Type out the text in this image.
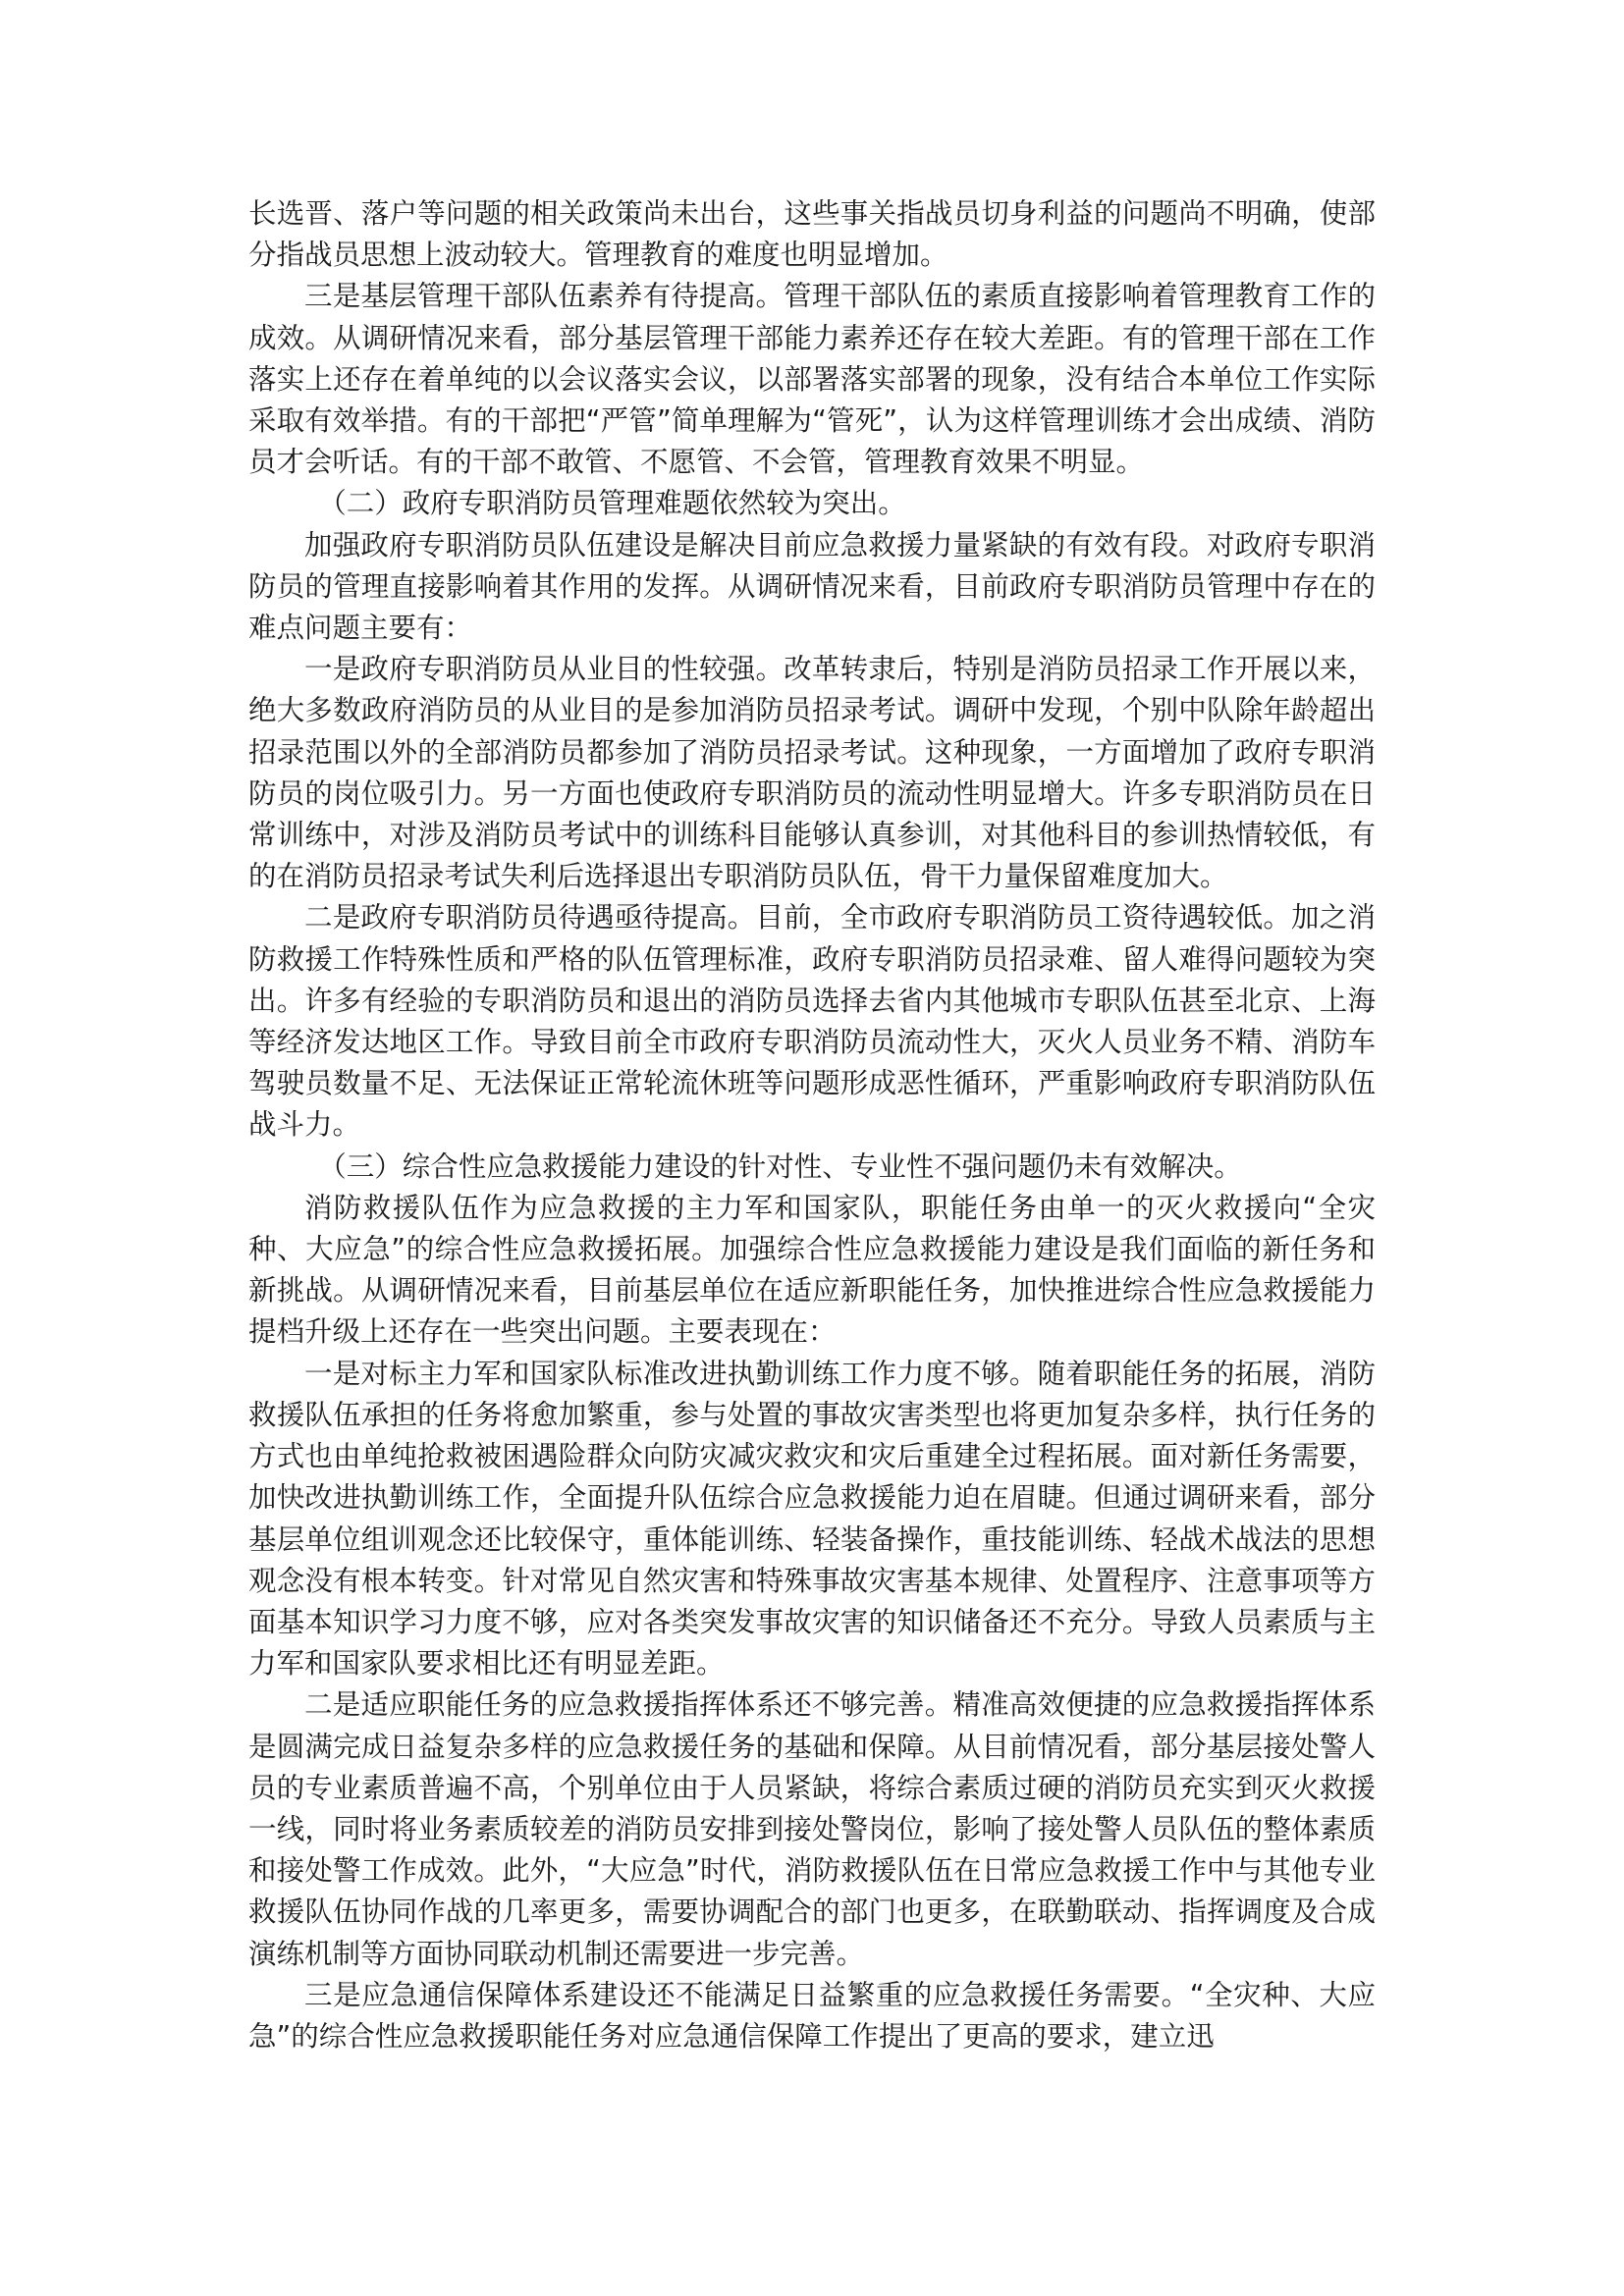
长选晋、落户等问题的相关政策尚未出台，这些事关指战员切身利益的问题尚不明确，使部分指战员思想上波动较大。管理教育的难度也明显增加。

三是基层管理干部队伍素养有待提高。管理干部队伍的素质直接影响着管理教育工作的成效。从调研情况来看，部分基层管理干部能力素养还存在较大差距。有的管理干部在工作落实上还存在着单纯的以会议落实会议，以部署落实部署的现象，没有结合本单位工作实际采取有效举措。有的干部把“严管”简单理解为“管死”，认为这样管理训练才会出成绩、消防员才会听话。有的干部不敢管、不愿管、不会管，管理教育效果不明显。

（二）政府专职消防员管理难题依然较为突出。

加强政府专职消防员队伍建设是解决目前应急救援力量紧缺的有效有段。对政府专职消防员的管理直接影响着其作用的发挥。从调研情况来看，目前政府专职消防员管理中存在的难点问题主要有：

一是政府专职消防员从业目的性较强。改革转隶后，特别是消防员招录工作开展以来，绝大多数政府消防员的从业目的是参加消防员招录考试。调研中发现，个别中队除年龄超出招录范围以外的全部消防员都参加了消防员招录考试。这种现象，一方面增加了政府专职消防员的岗位吸引力。另一方面也使政府专职消防员的流动性明显增大。许多专职消防员在日常训练中，对涉及消防员考试中的训练科目能够认真参训，对其他科目的参训热情较低，有的在消防员招录考试失利后选择退出专职消防员队伍，骨干力量保留难度加大。

二是政府专职消防员待遇亟待提高。目前，全市政府专职消防员工资待遇较低。加之消防救援工作特殊性质和严格的队伍管理标准，政府专职消防员招录难、留人难得问题较为突出。许多有经验的专职消防员和退出的消防员选择去省内其他城市专职队伍甚至北京、上海等经济发达地区工作。导致目前全市政府专职消防员流动性大，灭火人员业务不精、消防车驾驶员数量不足、无法保证正常轮流休班等问题形成恶性循环，严重影响政府专职消防队伍战斗力。

（三）综合性应急救援能力建设的针对性、专业性不强问题仍未有效解决。

消防救援队伍作为应急救援的主力军和国家队，职能任务由单一的灭火救援向“全灾种、大应急”的综合性应急救援拓展。加强综合性应急救援能力建设是我们面临的新任务和新挑战。从调研情况来看，目前基层单位在适应新职能任务，加快推进综合性应急救援能力提档升级上还存在一些突出问题。主要表现在：

一是对标主力军和国家队标准改进执勤训练工作力度不够。随着职能任务的拓展，消防救援队伍承担的任务将愈加繁重，参与处置的事故灾害类型也将更加复杂多样，执行任务的方式也由单纯抢救被困遇险群众向防灾减灾救灾和灾后重建全过程拓展。面对新任务需要，加快改进执勤训练工作，全面提升队伍综合应急救援能力迫在眉睫。但通过调研来看，部分基层单位组训观念还比较保守，重体能训练、轻装备操作，重技能训练、轻战术战法的思想观念没有根本转变。针对常见自然灾害和特殊事故灾害基本规律、处置程序、注意事项等方面基本知识学习力度不够，应对各类突发事故灾害的知识储备还不充分。导致人员素质与主力军和国家队要求相比还有明显差距。

二是适应职能任务的应急救援指挥体系还不够完善。精准高效便捷的应急救援指挥体系是圆满完成日益复杂多样的应急救援任务的基础和保障。从目前情况看，部分基层接处警人员的专业素质普遍不高，个别单位由于人员紧缺，将综合素质过硬的消防员充实到灭火救援一线，同时将业务素质较差的消防员安排到接处警岗位，影响了接处警人员队伍的整体素质和接处警工作成效。此外，“大应急”时代，消防救援队伍在日常应急救援工作中与其他专业救援队伍协同作战的几率更多，需要协调配合的部门也更多，在联勤联动、指挥调度及合成演练机制等方面协同联动机制还需要进一步完善。

三是应急通信保障体系建设还不能满足日益繁重的应急救援任务需要。“全灾种、大应急”的综合性应急救援职能任务对应急通信保障工作提出了更高的要求，建立迅
